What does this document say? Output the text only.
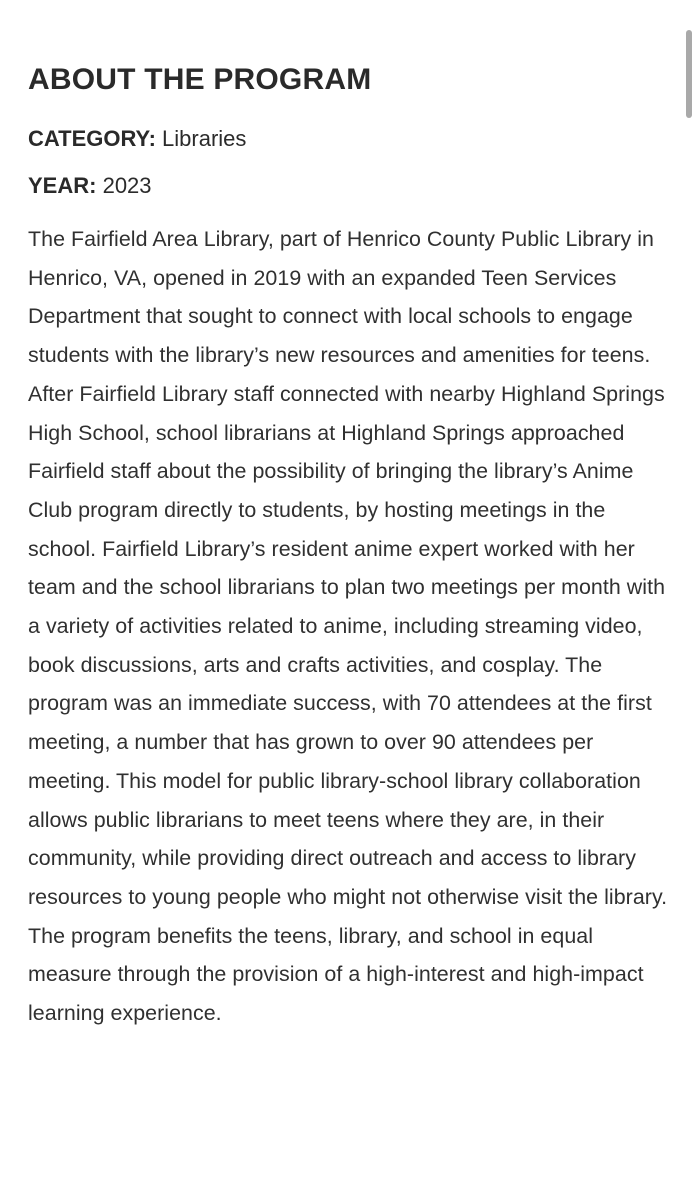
ABOUT THE PROGRAM
CATEGORY: Libraries
YEAR: 2023

The Fairfield Area Library, part of Henrico County Public Library in Henrico, VA, opened in 2019 with an expanded Teen Services Department that sought to connect with local schools to engage students with the library’s new resources and amenities for teens. After Fairfield Library staff connected with nearby Highland Springs High School, school librarians at Highland Springs approached Fairfield staff about the possibility of bringing the library’s Anime Club program directly to students, by hosting meetings in the school. Fairfield Library’s resident anime expert worked with her team and the school librarians to plan two meetings per month with a variety of activities related to anime, including streaming video, book discussions, arts and crafts activities, and cosplay. The program was an immediate success, with 70 attendees at the first meeting, a number that has grown to over 90 attendees per meeting. This model for public library-school library collaboration allows public librarians to meet teens where they are, in their community, while providing direct outreach and access to library resources to young people who might not otherwise visit the library. The program benefits the teens, library, and school in equal measure through the provision of a high-interest and high-impact learning experience.
